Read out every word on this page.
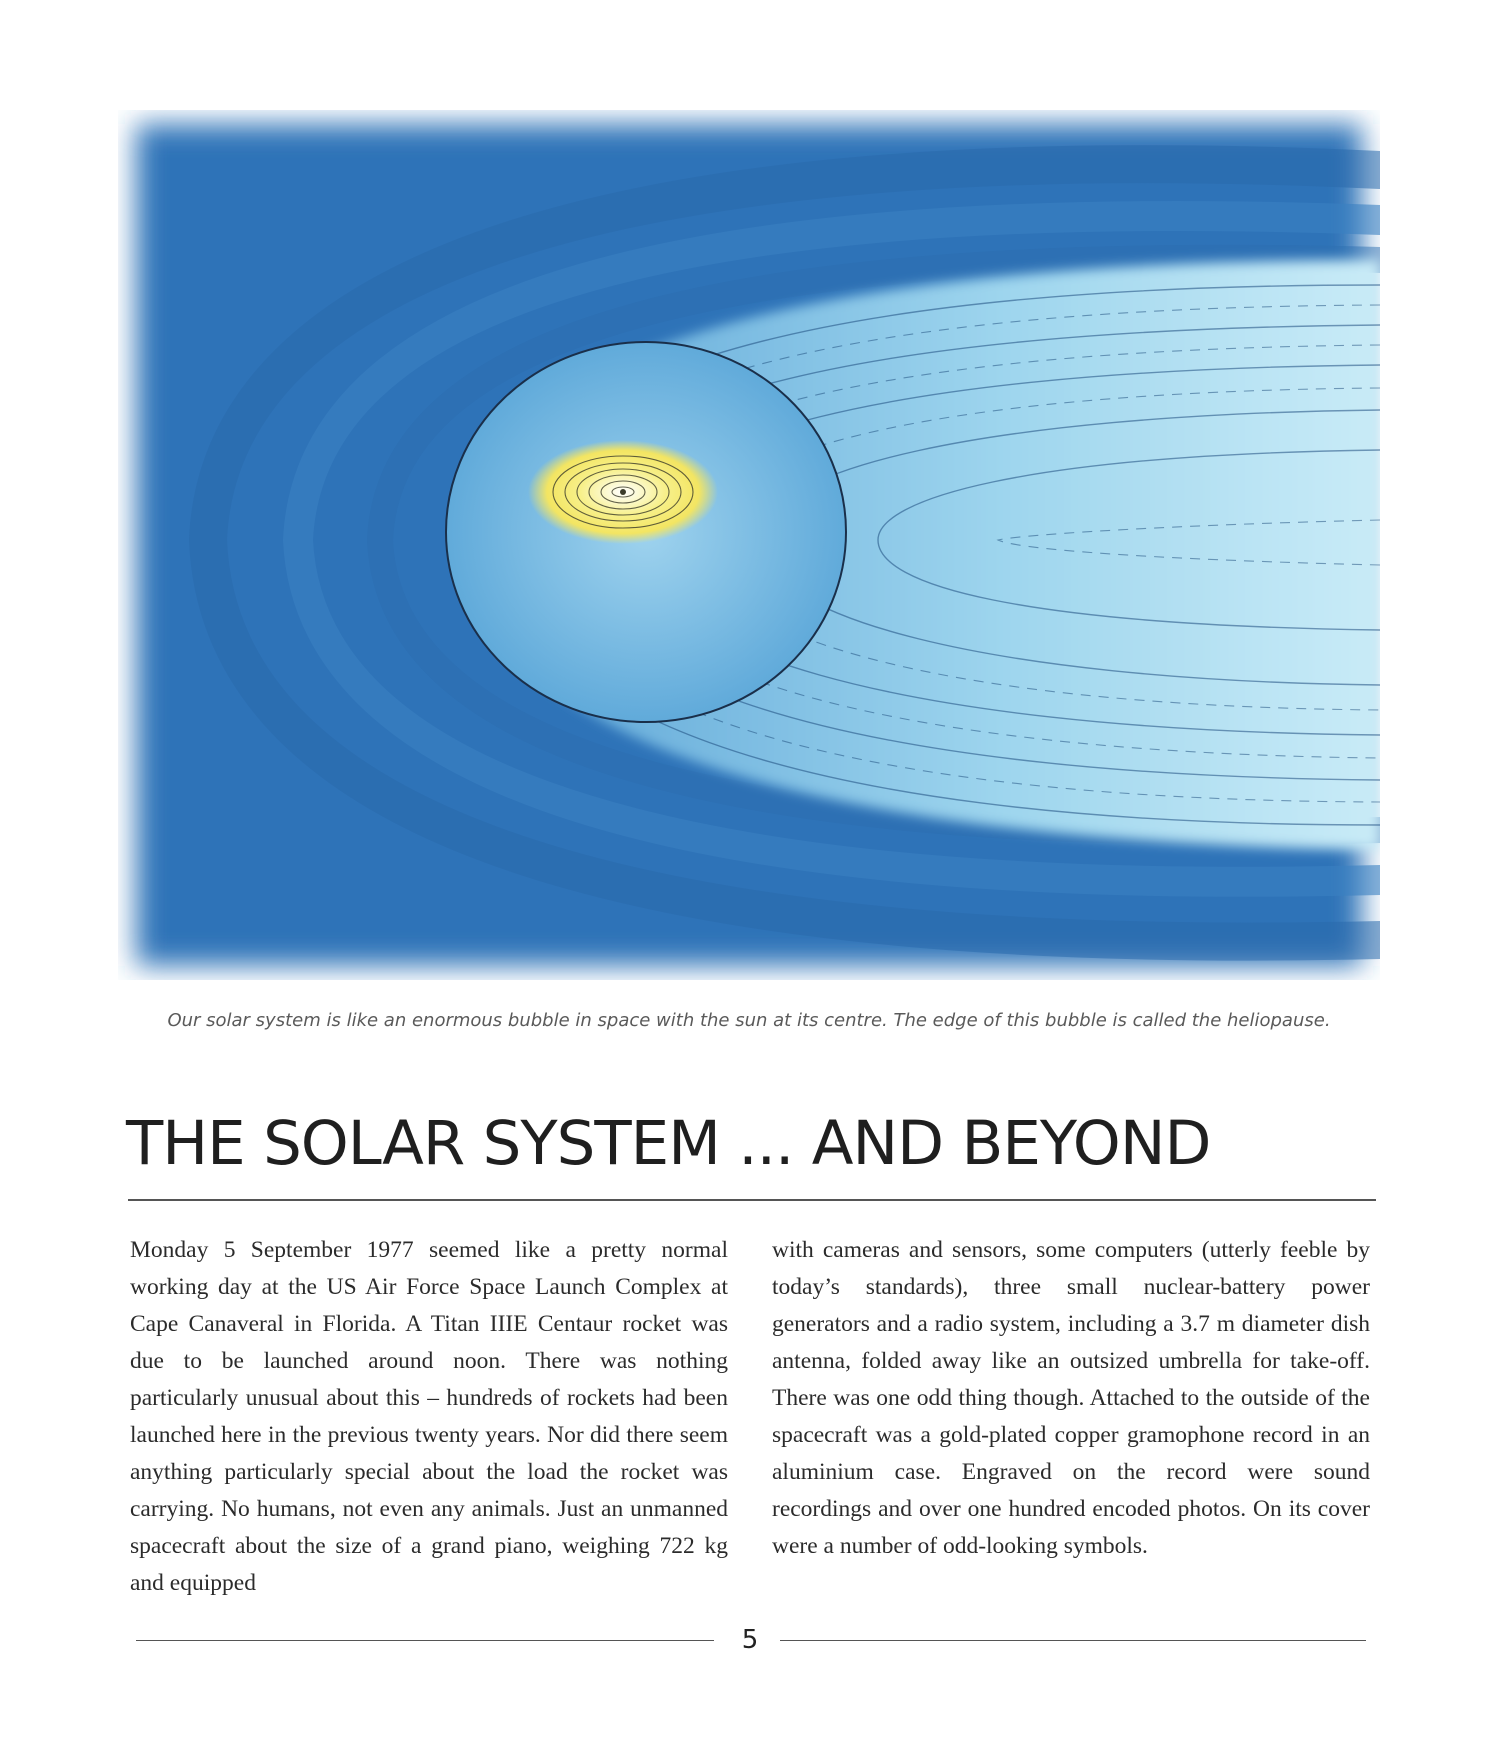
Our solar system is like an enormous bubble in space with the sun at its centre. The edge of this bubble is called the heliopause.
THE SOLAR SYSTEM ... AND BEYOND

Monday 5 September 1977 seemed like a pretty normal working day at the US Air Force Space Launch Complex at Cape Canaveral in Florida. A Titan IIIE Centaur rocket was due to be launched around noon. There was nothing particularly unusual about this – hundreds of rockets had been launched here in the previous twenty years. Nor did there seem anything particularly special about the load the rocket was carrying. No humans, not even any animals. Just an unmanned spacecraft about the size of a grand piano, weighing 722 kg and equipped

with cameras and sensors, some computers (utterly feeble by today’s standards), three small nuclear-battery power generators and a radio system, including a 3.7 m diameter dish antenna, folded away like an outsized umbrella for take-off. There was one odd thing though. Attached to the outside of the spacecraft was a gold-plated copper gramophone record in an aluminium case. Engraved on the record were sound recordings and over one hundred encoded photos. On its cover were a number of odd-looking symbols.

5
